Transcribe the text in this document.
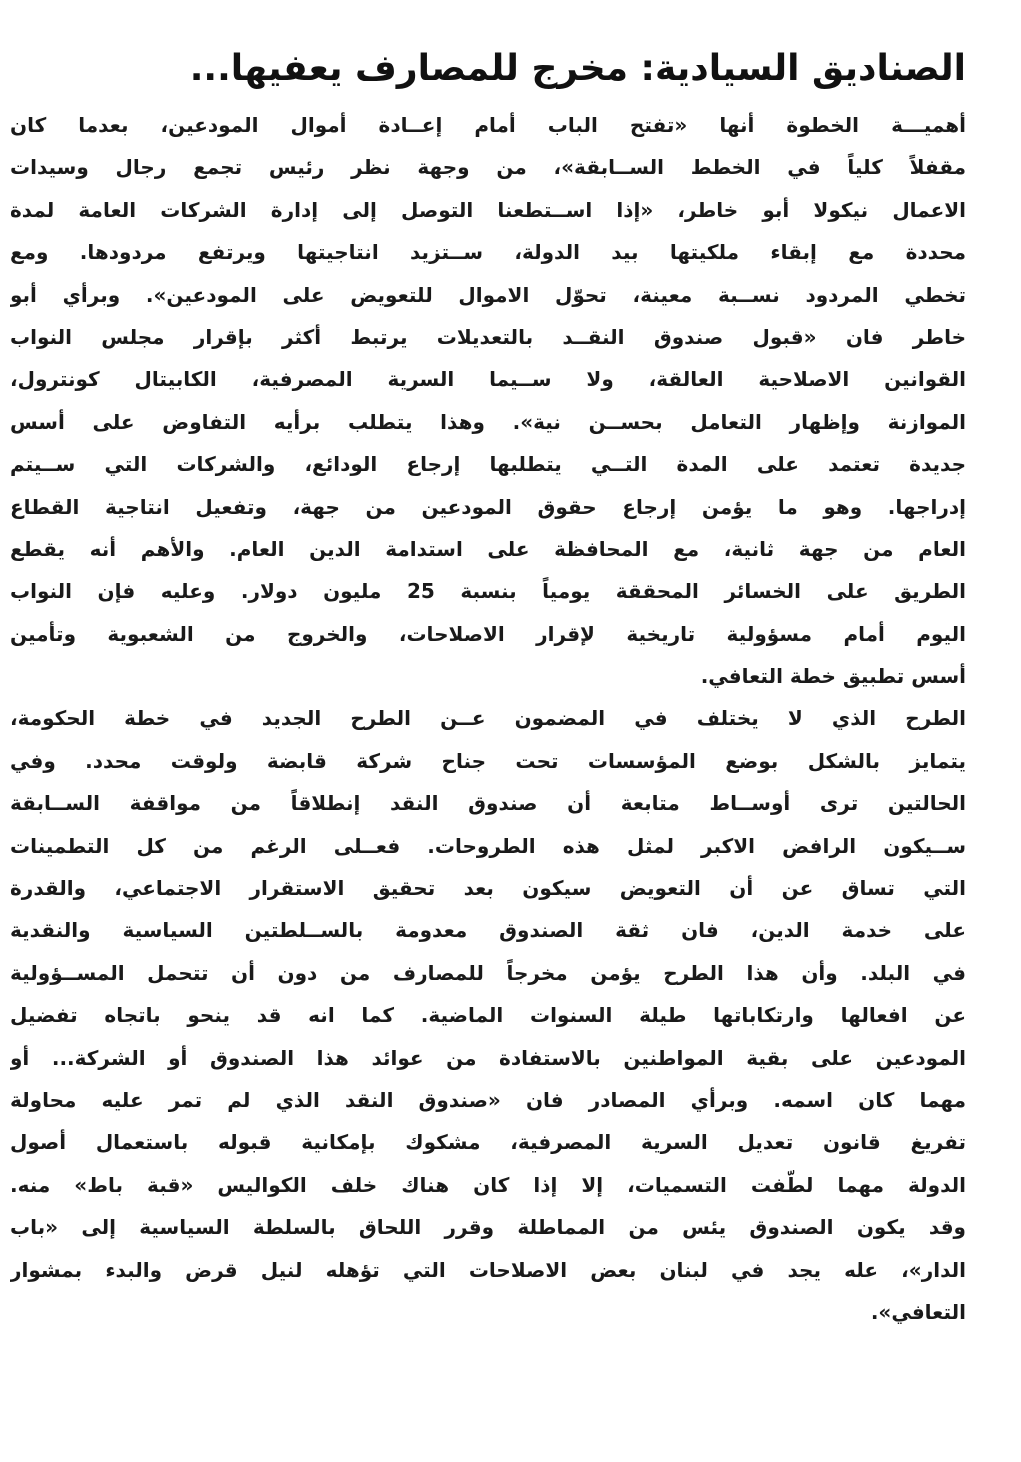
الصناديق السيادية: مخرج للمصارف يعفيها...
أهميـــة الخطوة أنها «تفتح الباب أمام إعــادة أموال المودعين، بعدما كان
مقفلاً كلياً في الخطط الســابقة»، من وجهة نظر رئيس تجمع رجال وسيدات
الاعمال نيكولا أبو خاطر، «إذا اســتطعنا التوصل إلى إدارة الشركات العامة لمدة
محددة مع إبقاء ملكيتها بيد الدولة، ســتزيد انتاجيتها ويرتفع مردودها. ومع
تخطي المردود نســبة معينة، تحوّل الاموال للتعويض على المودعين». وبرأي أبو
خاطر فان «قبول صندوق النقــد بالتعديلات يرتبط أكثر بإقرار مجلس النواب
القوانين الاصلاحية العالقة، ولا ســيما السرية المصرفية، الكابيتال كونترول،
الموازنة وإظهار التعامل بحســن نية». وهذا يتطلب برأيه التفاوض على أسس
جديدة تعتمد على المدة التــي يتطلبها إرجاع الودائع، والشركات التي ســيتم
إدراجها. وهو ما يؤمن إرجاع حقوق المودعين من جهة، وتفعيل انتاجية القطاع
العام من جهة ثانية، مع المحافظة على استدامة الدين العام. والأهم أنه يقطع
الطريق على الخسائر المحققة يومياً بنسبة 25 مليون دولار. وعليه فإن النواب
اليوم أمام مسؤولية تاريخية لإقرار الاصلاحات، والخروج من الشعبوية وتأمين
أسس تطبيق خطة التعافي.
الطرح الذي لا يختلف في المضمون عــن الطرح الجديد في خطة الحكومة،
يتمايز بالشكل بوضع المؤسسات تحت جناح شركة قابضة ولوقت محدد. وفي
الحالتين ترى أوســاط متابعة أن صندوق النقد إنطلاقاً من مواقفة الســابقة
ســيكون الرافض الاكبر لمثل هذه الطروحات. فعــلى الرغم من كل التطمينات
التي تساق عن أن التعويض سيكون بعد تحقيق الاستقرار الاجتماعي، والقدرة
على خدمة الدين، فان ثقة الصندوق معدومة بالســلطتين السياسية والنقدية
في البلد. وأن هذا الطرح يؤمن مخرجاً للمصارف من دون أن تتحمل المســؤولية
عن افعالها وارتكاباتها طيلة السنوات الماضية. كما انه قد ينحو باتجاه تفضيل
المودعين على بقية المواطنين بالاستفادة من عوائد هذا الصندوق أو الشركة... أو
مهما كان اسمه. وبرأي المصادر فان «صندوق النقد الذي لم تمر عليه محاولة
تفريغ قانون تعديل السرية المصرفية، مشكوك بإمكانية قبوله باستعمال أصول
الدولة مهما لطّفت التسميات، إلا إذا كان هناك خلف الكواليس «قبة باط» منه.
وقد يكون الصندوق يئس من المماطلة وقرر اللحاق بالسلطة السياسية إلى «باب
الدار»، عله يجد في لبنان بعض الاصلاحات التي تؤهله لنيل قرض والبدء بمشوار
التعافي».
